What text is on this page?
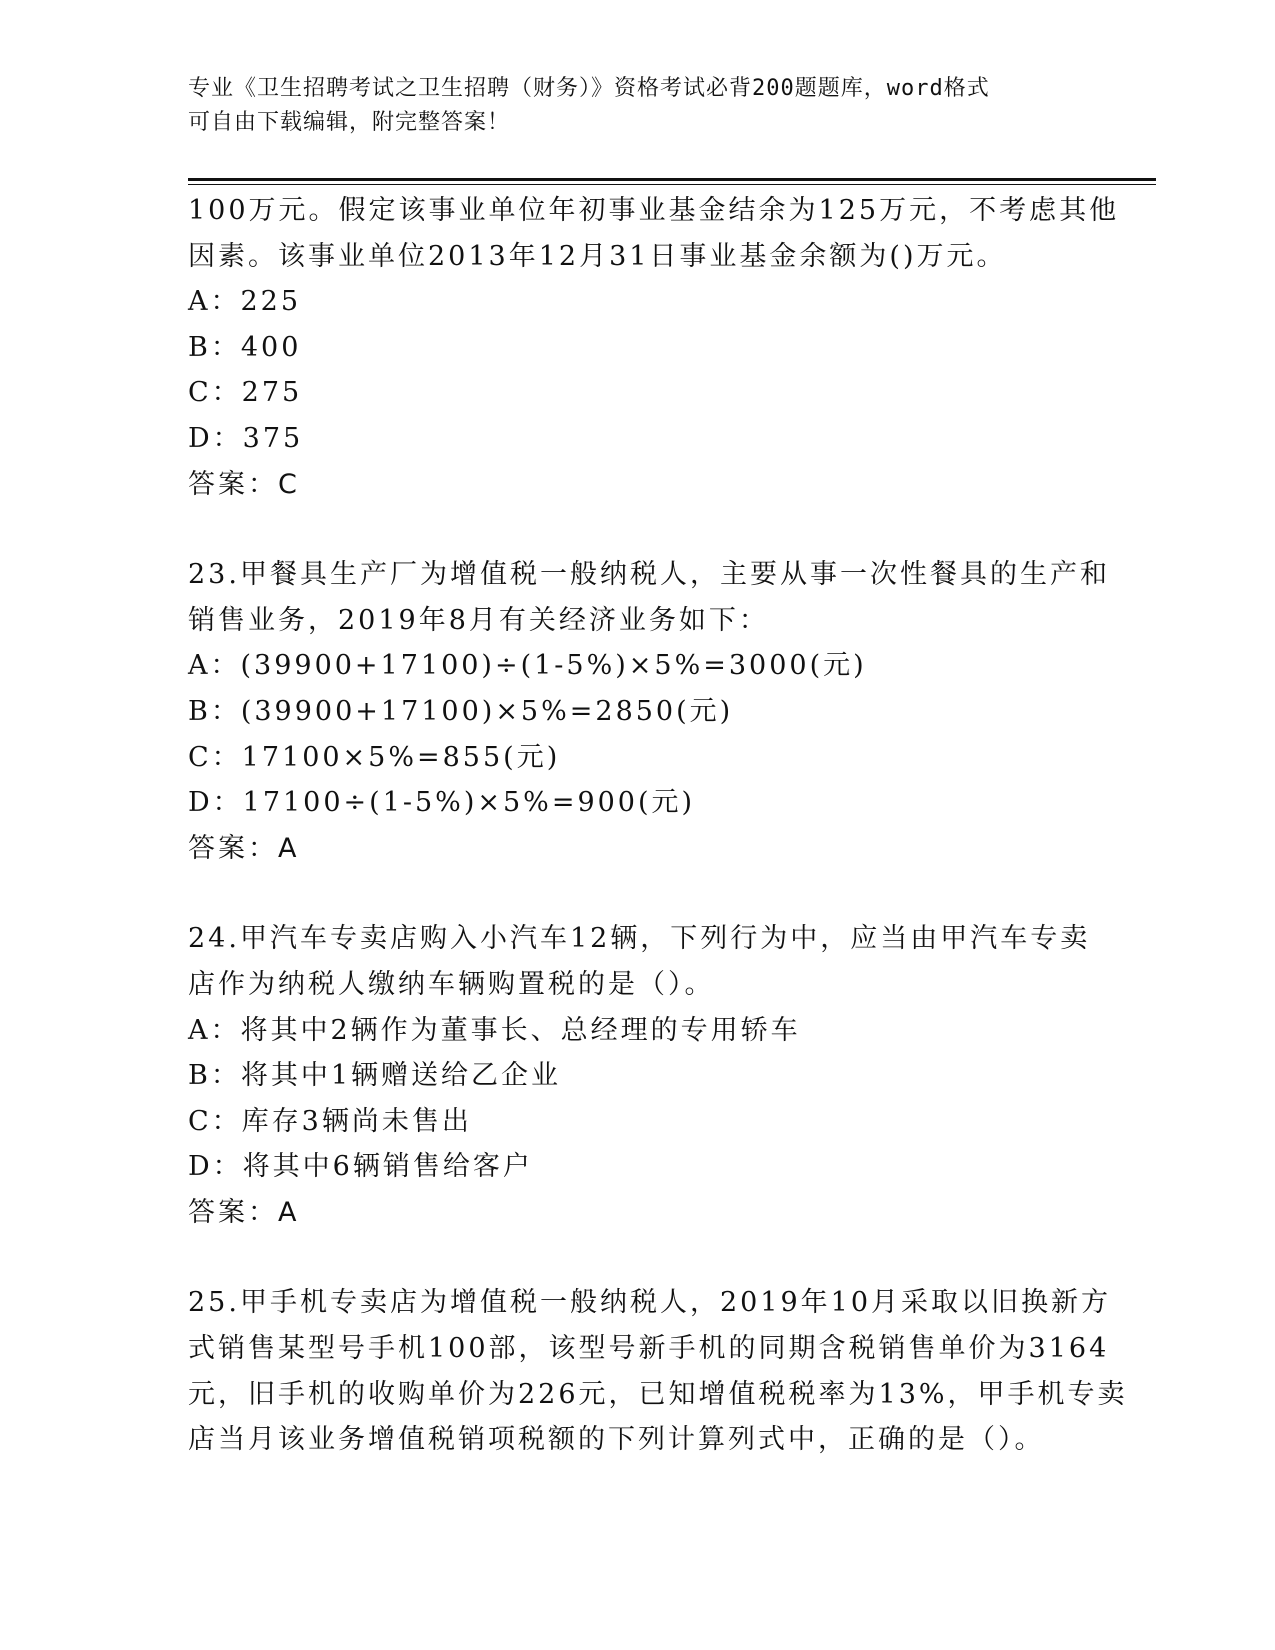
专业《卫生招聘考试之卫生招聘（财务）》资格考试必背200题题库，word格式
可自由下载编辑，附完整答案！
100万元。假定该事业单位年初事业基金结余为125万元，不考虑其他
因素。该事业单位2013年12月31日事业基金余额为()万元。
A：225
B：400
C：275
D：375
答案：C
23.甲餐具生产厂为增值税一般纳税人，主要从事一次性餐具的生产和
销售业务，2019年8月有关经济业务如下：
A：(39900+17100)÷(1-5%)×5%=3000(元)
B：(39900+17100)×5%=2850(元)
C：17100×5%=855(元)
D：17100÷(1-5%)×5%=900(元)
答案：A
24.甲汽车专卖店购入小汽车12辆，下列行为中，应当由甲汽车专卖
店作为纳税人缴纳车辆购置税的是（）。
A：将其中2辆作为董事长、总经理的专用轿车
B：将其中1辆赠送给乙企业
C：库存3辆尚未售出
D：将其中6辆销售给客户
答案：A
25.甲手机专卖店为增值税一般纳税人，2019年10月采取以旧换新方
式销售某型号手机100部，该型号新手机的同期含税销售单价为3164
元，旧手机的收购单价为226元，已知增值税税率为13%，甲手机专卖
店当月该业务增值税销项税额的下列计算列式中，正确的是（）。
